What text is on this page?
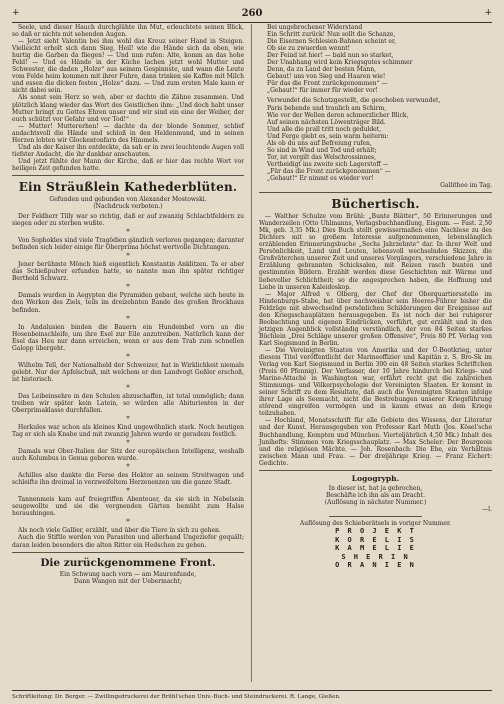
+	260	+

Seele, und dieser Hauch durchglühte ihn Mut, erleuchtete seinen Blick, so daß er nichts mit sehenden Augen.

— Jetzt sieht Valentin bei ihm wohl das Kreuz seiner Hand in Steigen. Vielleicht erholt sich dann Sieg, Heil! wie die Hände sich da oben, wie hurtig die Garben da fliegen! — Und nun rufen: Alte, komm an das hohe Feld! — Und es Hände in der Küche lachen jetzt wohl Mutter und Schwester, die daden „Holze“ aus seinem Gespinnste, und wann die Leute vom Felde heim kommen mit ihrer Fuhre, dann trinken sie Kaffee mit Milch und essen die dicken festen „Holze“ dazu. — Und zum ersten Male kann er nicht dabei sein.

Als sonst sein Herz so weh, aber er dachte die Zähne zusammen. Und plötzlich klang wieder das Wort des Geistlichen ihm: „Und doch habt unser Mutter bringt zu Gottes Ehren unser und wir sind ein eine der Weiber, der euch schützt vor Gefahr und vor Tod!“

— Mutter! Muttererhen! — dachte da der blonde Sommer, schlief andachtsvoll die Hände und schloß in den Heldenmund, und in seinen Herzen lobten wir Glockentonfarn des Himmels.

Und als der Kaiser ihn entdeckte, da sah er in zwei leuchtende Augen voll tiefster Andacht, die ihr dankbar anschauten.

Und jetzt fühlte der Mann der Kirche, daß er hier das rechte Wort vor heiligen Zeit gefunden hatte.

Ein Sträußlein Kathederblüten.

Gefunden und gebunden von Alexander Mostowski.

(Nachdruck verboten.)

Der Feldherr Tilly war so richtig, daß er auf zwanzig Schlachtfeldern zu siegen oder zu sterben wußte.

*

Von Sophokles sind viele Tragödien gänzlich verloren gegangen; darunter befinden sich leider einige für Oberprima höchst wertvolle Dichtungen.

*

Jener berühmte Mönch hieß eigentlich Konstantin Anklitzen. Ta er aber das Schießpulver erfunden hatte, so nannte man ihn später richtiger Berthold Schwarz.

*

Damals wurden in Aegypten die Pyramiden gebaut, welche sich heute in den Werken des Ziels, teils im dreizehnten Bande des großen Brockhaus befinden.

*

In Andalusien binden die Bauern ein Hundeinbel vorn an die Hosenbeinschleife, um ihre Esel zur Eile anzutreiben. Natürlich kann der Esel das Heu nur dann erreichen, wenn er aus dem Trab zum schnellen Galopp übergeht.

*

Wilhelm Tell, der Nationalheld der Schweizer, hat in Wirklichkeit niemals gelebt. Nur der Apfelschuß, mit welchem er den Landvogt Geßler erschoß, ist historisch.

*

Das Leibeinsehre in den Schulen abzuschaffen, ist total unmöglich; dann treiben wir später kein Latein, so würden alle Abiturienten in der Oberprimaklasse durchfallen.

*

Herkules war schon als kleines Kind ungewöhnlich stark. Noch heutigen Tag er sich als Knabe und mit zwanzig Jahren wurde er geradezu festlich.

*

Damals war Ober-Italien der Sitz der europäischen Intelligenz, weshalb auch Kolumbus in Genua geboren wurde.

*

Achilles also dankte die Ferse des Hektor an seinem Streitwagen und schleifte ihn dreimal in verzweifeltem Herzenenzen um die ganze Stadt.

*

Tannenmeis kam auf freiegriffen Abenteuer, da sie sich in Nebelsein seugewollte und sie die vergnenden Gärten bemüht zum Halse heraushingen.

*

Als noch viele Gallier, erzählt, und über die Tiere in sich zu gehen.

Auch die Stiftle werden von Parasiten und allerhand Ungeziefer gequält; daran leiden besonders die alten Ritter ein Hedschen zu gehen.

Die zurückgenommene Front.

Ein Schwung nach vorn — am Maurenfunde,

Dann Wangen mit der Uebermacht;

Bei ungebrochener Widerstand

Ein Schritt zurück! Nun sollt die Schanze,

Die Eisernen Schlesien-Bahnen scheint er,

Ob sie zu zwuerden wennt!

Der Feind ist hier! — bald nun so starket,

Der Unabhang wird kein Kriegsgutes schimmer

Denn, da zu Land der besten Mann,

Gebaut! uns von Sieg und Haaren wie!

Für das die Front zurückgenommen“ —

„Gebaut!“ für immer für wieder vor!

Verwundet die Schutzgestellt, die geschoben verwundet,

Paris behende und traulich am Schirm,

Wie vor der Wellen deren schmerzlicher Blick,

Auf seinen nächsten Löwenträger Bild.

Und alle die prall tritt noch geduldet,

Und Ferge giebt es, sein warm heiterm:

Als ob du uns auf Befreiung rufen,

So sind in Wind und Tod und erhält;

Tor, ist vergilt das Welschrossinnes,

Vertheidigt ins zweite sich Lagerstoff —

„Für das die Front zurückgenommen“ —

„Gebaut!“ Er nimmt es wieder vor!

Gallitheo im Tag.

Büchertisch.

— Walther Schulze vom Brühl: „Bunte Blätter“, 50 Erinnerungen und Wanderzeilen (Otto Uhlmanns, Verlagsbuchhandlung, Eisgum. — Fast. 2,50 Mk, geb. 3,35 Mk.) Dies Buch stellt gewissermaßen eine Nachlese zu des Dichters mit so großem Interesse aufgenommenen, lebenslänglich erzählenden Erinnerungsbuche „Sechs Jahrzehnte“ dar. In ihrer Welt und Persönlichkeit, Land und Leuten, lebensvoll wechselnden Skizzen, die Großväterchen unserer Zeit und unseres Vorgängers, verschiedene Jahre in Erzählung gebrannten Schicksalen, mit Reizen rasch bunten und gestimmten Bildern. Erzählt werden diese Geschichten mit Wärme und liebevoller Schlichtheit; so die angesprochen haben, die Hoffnung und Liebe in unseren Kaleidoskop.

— Major Alfred v. Olberg, der Chef der Oberquartiersstelle im Hindenburgs-Stabe, hat über nachweisbar sein Heeres-Führer bisher die Feldzüge mit abwechselnd persönlichen Schilderungen der Ereignisse auf den Kriegsschauplätzen herausgegeben. Es ist noch der bei ruhigerer Beobachtung und eigenen Eindrücken, verführt, gut erzählt und in den jetzigen Augenblick vollständig verständlich, der von 84 Seiten starkes Büchlein „Drei Schläge unserer großen Offensive“, Preis 80 Pf. Verlag von Karl Siegismund in Berlin.

— Die Vereinigten Staaten von Amerika und der Ü-Bootkrieg, unter diesem Titel veröffentlicht der Marineoffizier und Kapitän z. S. Bro-Sk im Verlag von Karl Siegismund in Berlin 300 ein 48 Seiten starkes Schriftchen (Preis 60 Pfennig). Der Verfasser, der 10 Jahre hindurch bei Kriegs- und Marine-Attaché in Washington war, erfährt recht gut die zahlreichen Stimmungs- und Völkerpsychologie der Vereinigten Staaten. Er kommt in seiner Schrift zu dem Resultate, daß auch die Vereinigten Staaten infolge ihrer Lage als Seemacht, nicht die Bestrebungen unserer Kriegsführung störend eingreifen vermögen und in kaum etwas an dem Kriege teilzuhaben.

— Hochland, Monatsschrift für alle Gebiete des Wissens, der Literatur und der Kunst. Herausgegeben von Professor Karl Muth (Jos. Kösel'sche Buchhandlung, Kempten und München. Vierteljährlich 4,50 Mk.) Inhalt des Junihefts: Stimmen vom Kriegsschauplatz. — Max Scheler: Der Bourgeois und die religiösen Mächte. — Joh. Rosenbach: Die Ehe, ein Verhältnis zwischen Mann und Frau. — Der dreijährige Krieg. — Franz Eichert: Gedichte.

Logogryph.

In dieser ist, hat ja gebrochen,

Beschäfte ich ihn als am Dracht.

(Auflösung in nächster Nummer.)

—l.

Auflösung des Schieberätsels in voriger Nummer.

P R O J E K T
K O R E L I S
K A M E L I E
S H E R I N
O R A N I E N
Schriftleitung: Dr. Berger. — Zwillingsdruckerei der Brühl'schen Univ.-Buch- und Steindruckerei. R. Lange, Gießen.
